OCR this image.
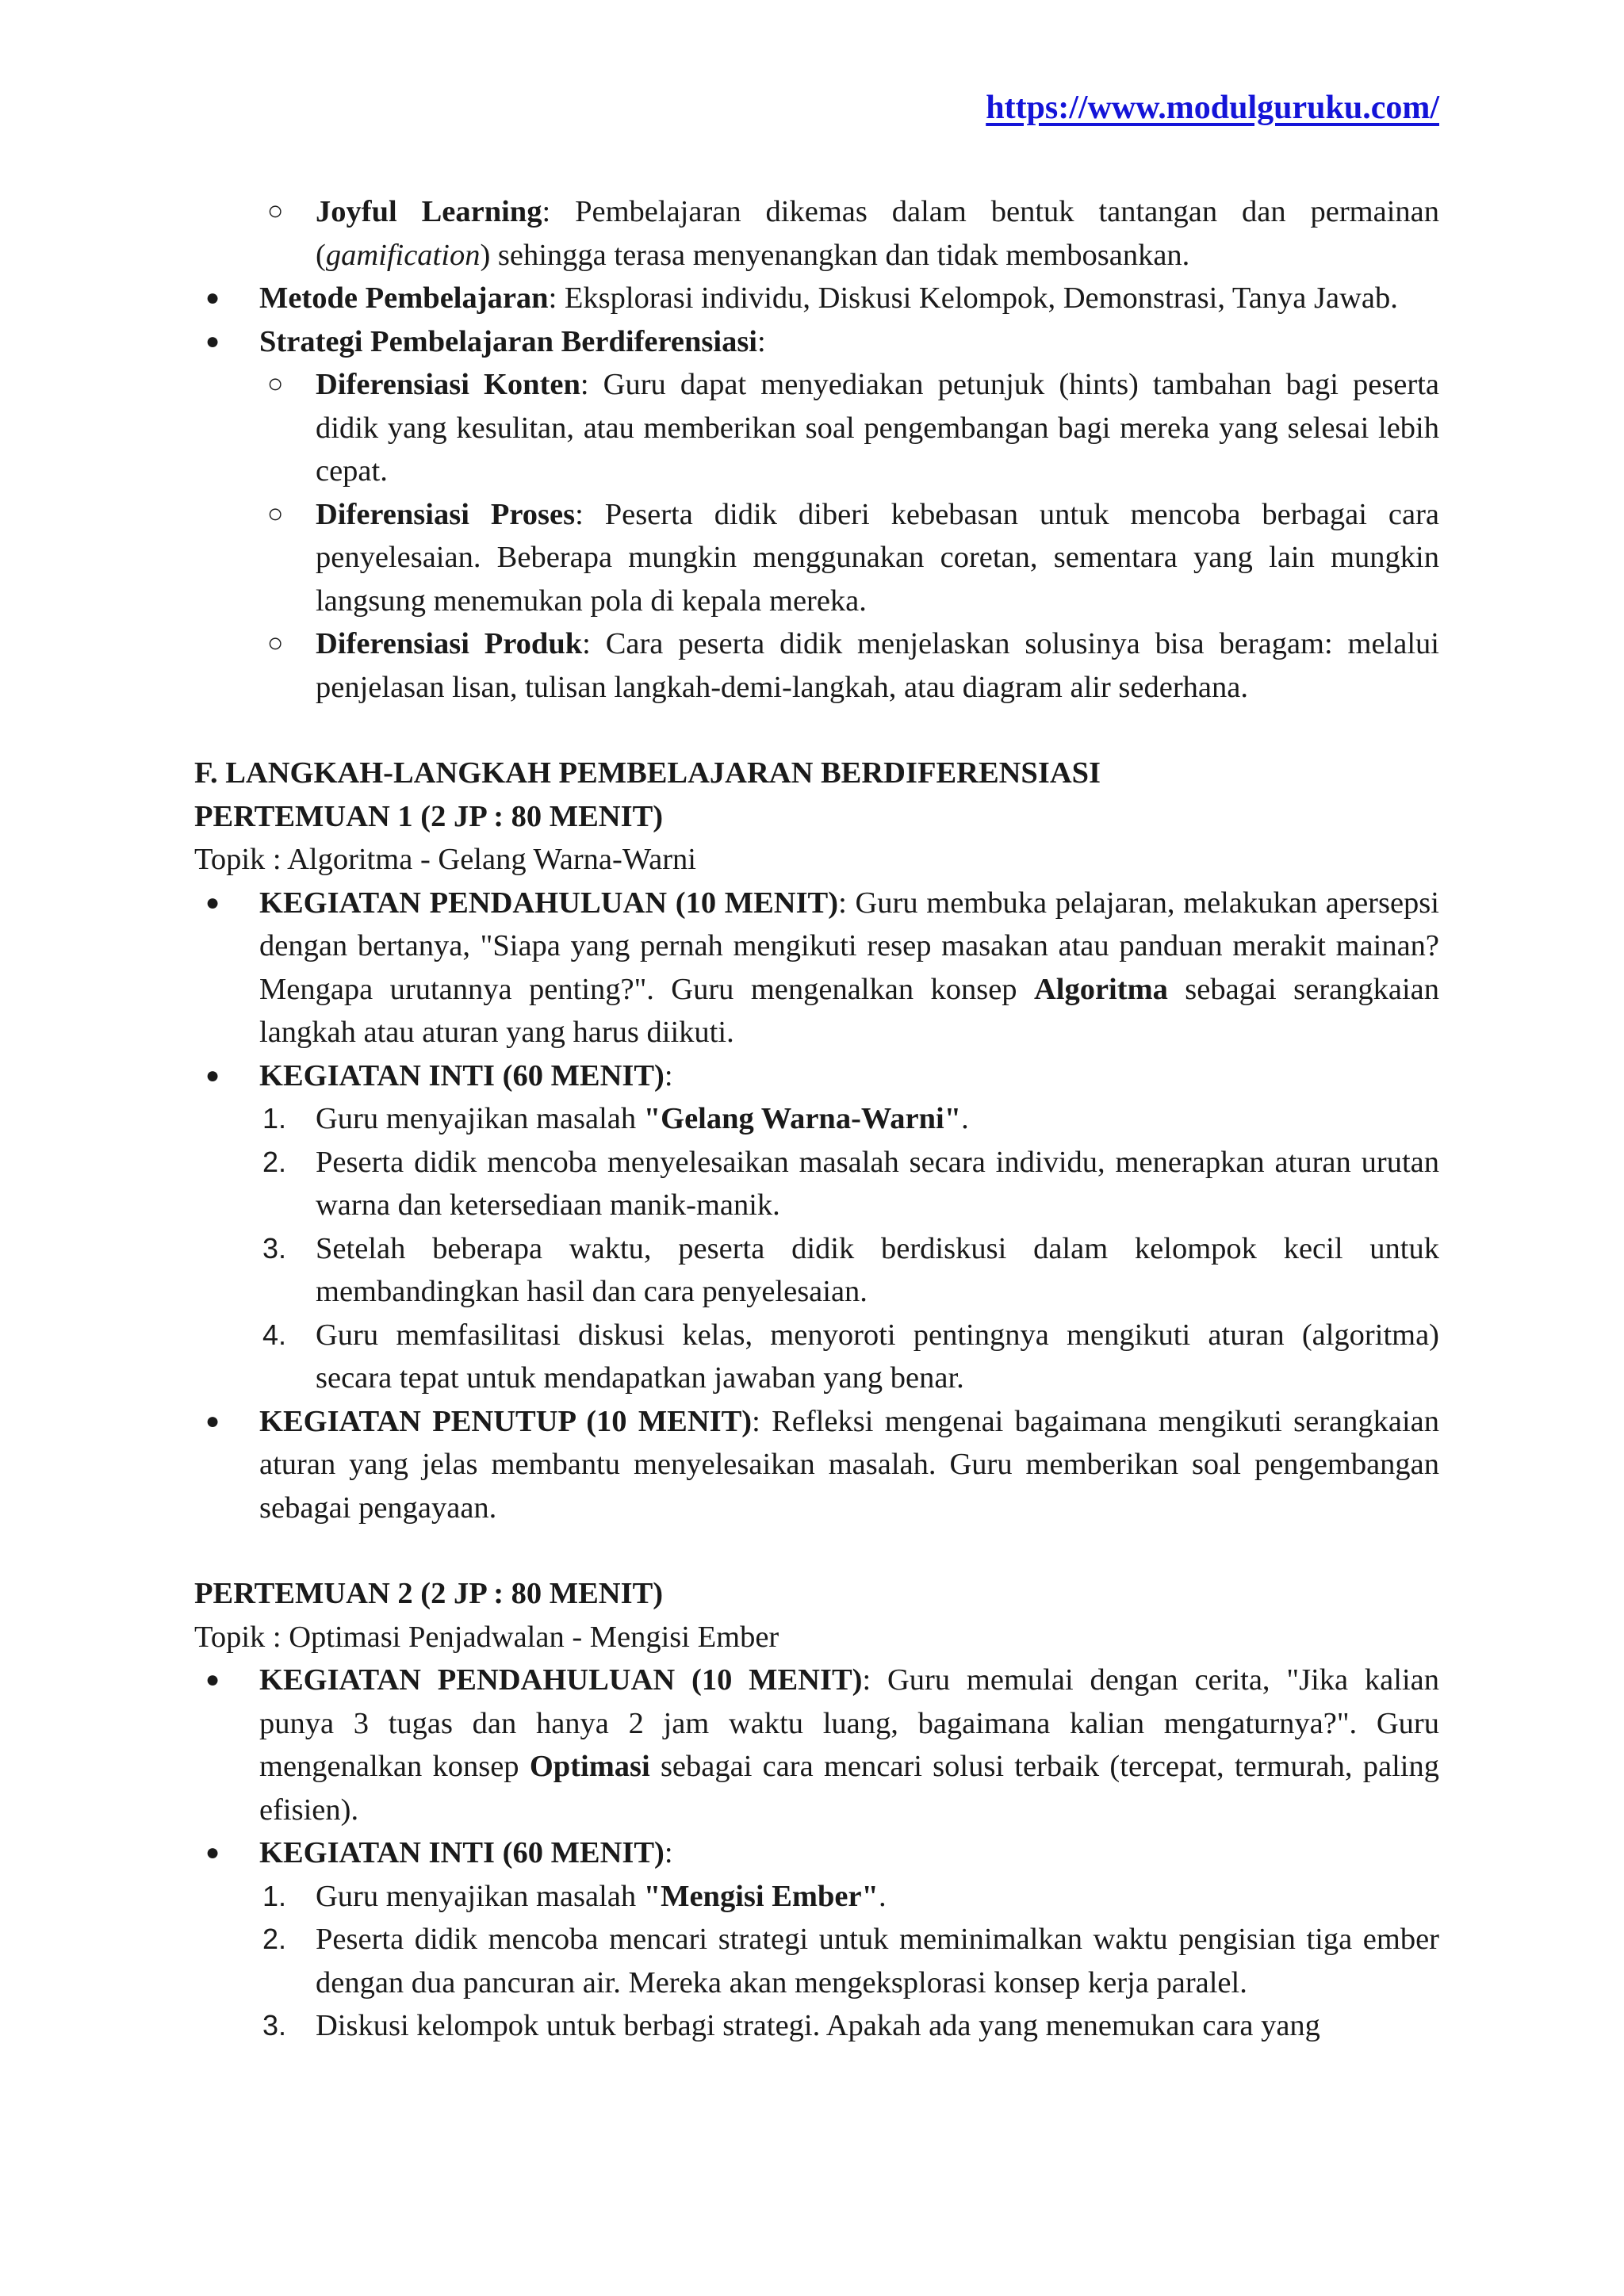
https://www.modulguruku.com/
○ Joyful Learning: Pembelajaran dikemas dalam bentuk tantangan dan permainan (gamification) sehingga terasa menyenangkan dan tidak membosankan.
● Metode Pembelajaran: Eksplorasi individu, Diskusi Kelompok, Demonstrasi, Tanya Jawab.
● Strategi Pembelajaran Berdiferensiasi:
○ Diferensiasi Konten: Guru dapat menyediakan petunjuk (hints) tambahan bagi peserta didik yang kesulitan, atau memberikan soal pengembangan bagi mereka yang selesai lebih cepat.
○ Diferensiasi Proses: Peserta didik diberi kebebasan untuk mencoba berbagai cara penyelesaian. Beberapa mungkin menggunakan coretan, sementara yang lain mungkin langsung menemukan pola di kepala mereka.
○ Diferensiasi Produk: Cara peserta didik menjelaskan solusinya bisa beragam: melalui penjelasan lisan, tulisan langkah-demi-langkah, atau diagram alir sederhana.
F. LANGKAH-LANGKAH PEMBELAJARAN BERDIFERENSIASI
PERTEMUAN 1 (2 JP : 80 MENIT)
Topik : Algoritma - Gelang Warna-Warni
● KEGIATAN PENDAHULUAN (10 MENIT): Guru membuka pelajaran, melakukan apersepsi dengan bertanya, "Siapa yang pernah mengikuti resep masakan atau panduan merakit mainan? Mengapa urutannya penting?". Guru mengenalkan konsep Algoritma sebagai serangkaian langkah atau aturan yang harus diikuti.
● KEGIATAN INTI (60 MENIT):
1. Guru menyajikan masalah "Gelang Warna-Warni".
2. Peserta didik mencoba menyelesaikan masalah secara individu, menerapkan aturan urutan warna dan ketersediaan manik-manik.
3. Setelah beberapa waktu, peserta didik berdiskusi dalam kelompok kecil untuk membandingkan hasil dan cara penyelesaian.
4. Guru memfasilitasi diskusi kelas, menyoroti pentingnya mengikuti aturan (algoritma) secara tepat untuk mendapatkan jawaban yang benar.
● KEGIATAN PENUTUP (10 MENIT): Refleksi mengenai bagaimana mengikuti serangkaian aturan yang jelas membantu menyelesaikan masalah. Guru memberikan soal pengembangan sebagai pengayaan.
PERTEMUAN 2 (2 JP : 80 MENIT)
Topik : Optimasi Penjadwalan - Mengisi Ember
● KEGIATAN PENDAHULUAN (10 MENIT): Guru memulai dengan cerita, "Jika kalian punya 3 tugas dan hanya 2 jam waktu luang, bagaimana kalian mengaturnya?". Guru mengenalkan konsep Optimasi sebagai cara mencari solusi terbaik (tercepat, termurah, paling efisien).
● KEGIATAN INTI (60 MENIT):
1. Guru menyajikan masalah "Mengisi Ember".
2. Peserta didik mencoba mencari strategi untuk meminimalkan waktu pengisian tiga ember dengan dua pancuran air. Mereka akan mengeksplorasi konsep kerja paralel.
3. Diskusi kelompok untuk berbagi strategi. Apakah ada yang menemukan cara yang
